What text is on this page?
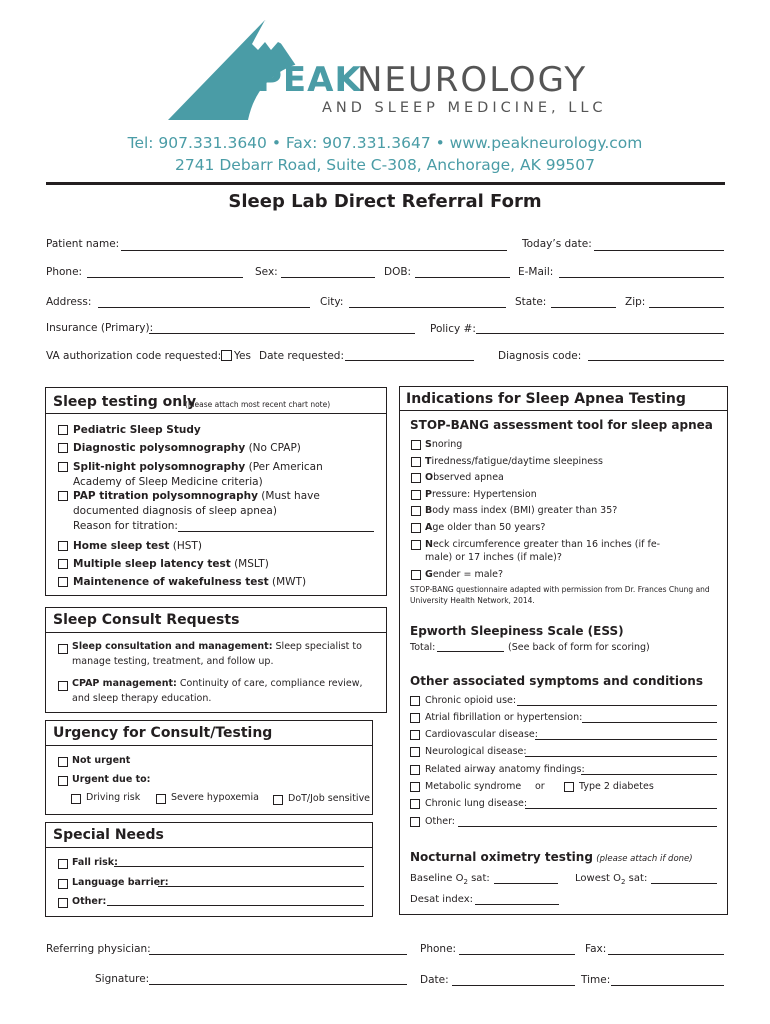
PEAK
NEUROLOGY
AND SLEEP MEDICINE, LLC
Tel: 907.331.3640 • Fax: 907.331.3647 • www.peakneurology.com
2741 Debarr Road, Suite C-308, Anchorage, AK 99507
Sleep Lab Direct Referral Form
Patient name:	Today’s date:
Phone:	Sex:	DOB:	E-Mail:
Address:	City:	State:	Zip:
Insurance (Primary):	Policy #:
VA authorization code requested: Yes Date requested:	Diagnosis code:
Sleep testing only
(Please attach most recent chart note)
Pediatric Sleep Study
Diagnostic polysomnography (No CPAP)
Split-night polysomnography (Per American Academy of Sleep Medicine criteria)
PAP titration polysomnography (Must have documented diagnosis of sleep apnea)
Reason for titration:
Home sleep test (HST)
Multiple sleep latency test (MSLT)
Maintenence of wakefulness test (MWT)
Sleep Consult Requests
Sleep consultation and management: Sleep specialist to manage testing, treatment, and follow up.
CPAP management: Continuity of care, compliance review, and sleep therapy education.
Urgency for Consult/Testing
Not urgent
Urgent due to:
Driving risk	Severe hypoxemia	DoT/Job sensitive
Special Needs
Fall risk:
Language barrier:
Other:
Indications for Sleep Apnea Testing
STOP-BANG assessment tool for sleep apnea
Snoring
Tiredness/fatigue/daytime sleepiness
Observed apnea
Pressure: Hypertension
Body mass index (BMI) greater than 35?
Age older than 50 years?
Neck circumference greater than 16 inches (if fe-
Gender = male?
male) or 17 inches (if male)?
STOP-BANG questionnaire adapted with permission from Dr. Frances Chung and
University Health Network, 2014.
Epworth Sleepiness Scale (ESS)
Total:	(See back of form for scoring)
Other associated symptoms and conditions
Chronic opioid use:
Atrial fibrillation or hypertension:
Cardiovascular disease:
Neurological disease:
Related airway anatomy findings:
Metabolic syndrome
Chronic lung disease:
Other:
or	Type 2 diabetes
Nocturnal oximetry testing (please attach if done)
Baseline $O_2$ sat:	Lowest $O_2$ sat:
Desat index:
Referring physician:	Phone:	Fax:
Signature:	Date:	Time:
